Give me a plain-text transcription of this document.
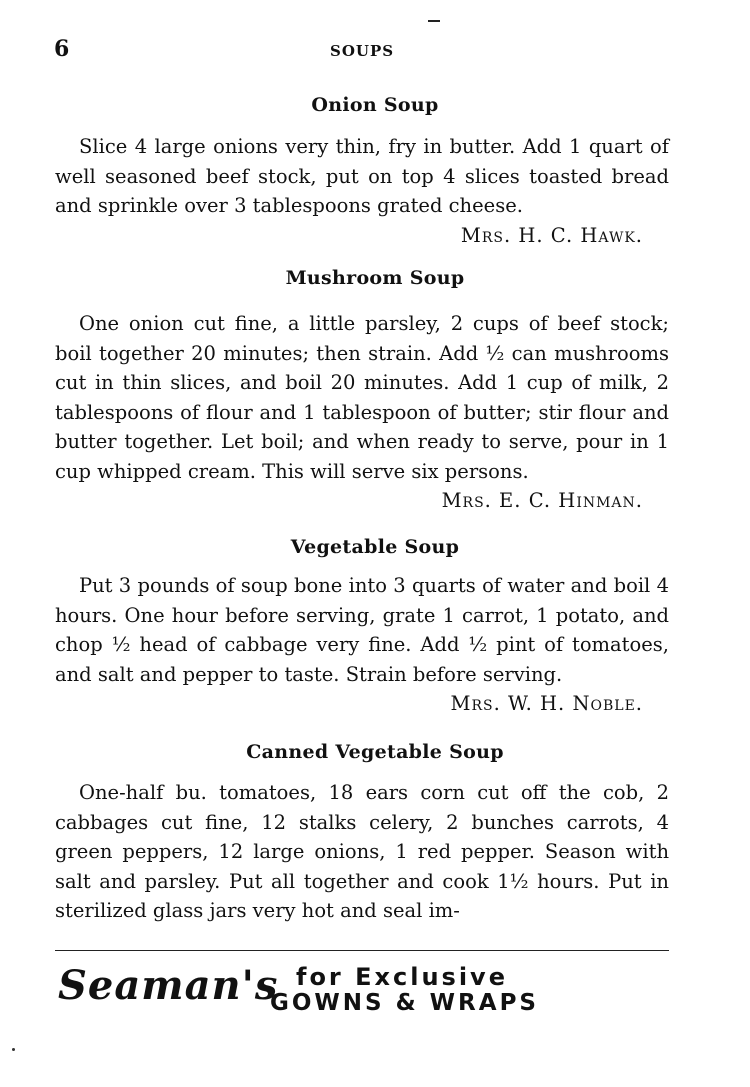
6	SOUPS
Onion Soup

Slice 4 large onions very thin, fry in butter. Add 1 quart of well seasoned beef stock, put on top 4 slices toasted bread and sprinkle over 3 tablespoons grated cheese.
Mrs. H. C. Hawk.

Mushroom Soup

One onion cut fine, a little parsley, 2 cups of beef stock; boil together 20 minutes; then strain. Add ½ can mushrooms cut in thin slices, and boil 20 minutes. Add 1 cup of milk, 2 tablespoons of flour and 1 tablespoon of butter; stir flour and butter together. Let boil; and when ready to serve, pour in 1 cup whipped cream. This will serve six persons.
Mrs. E. C. Hinman.

Vegetable Soup

Put 3 pounds of soup bone into 3 quarts of water and boil 4 hours. One hour before serving, grate 1 carrot, 1 potato, and chop ½ head of cabbage very fine. Add ½ pint of tomatoes, and salt and pepper to taste. Strain before serving.
Mrs. W. H. Noble.

Canned Vegetable Soup

One-half bu. tomatoes, 18 ears corn cut off the cob, 2 cabbages cut fine, 12 stalks celery, 2 bunches carrots, 4 green peppers, 12 large onions, 1 red pepper. Season with salt and parsley. Put all together and cook 1½ hours. Put in sterilized glass jars very hot and seal im-

Seaman's for Exclusive
GOWNS & WRAPS
